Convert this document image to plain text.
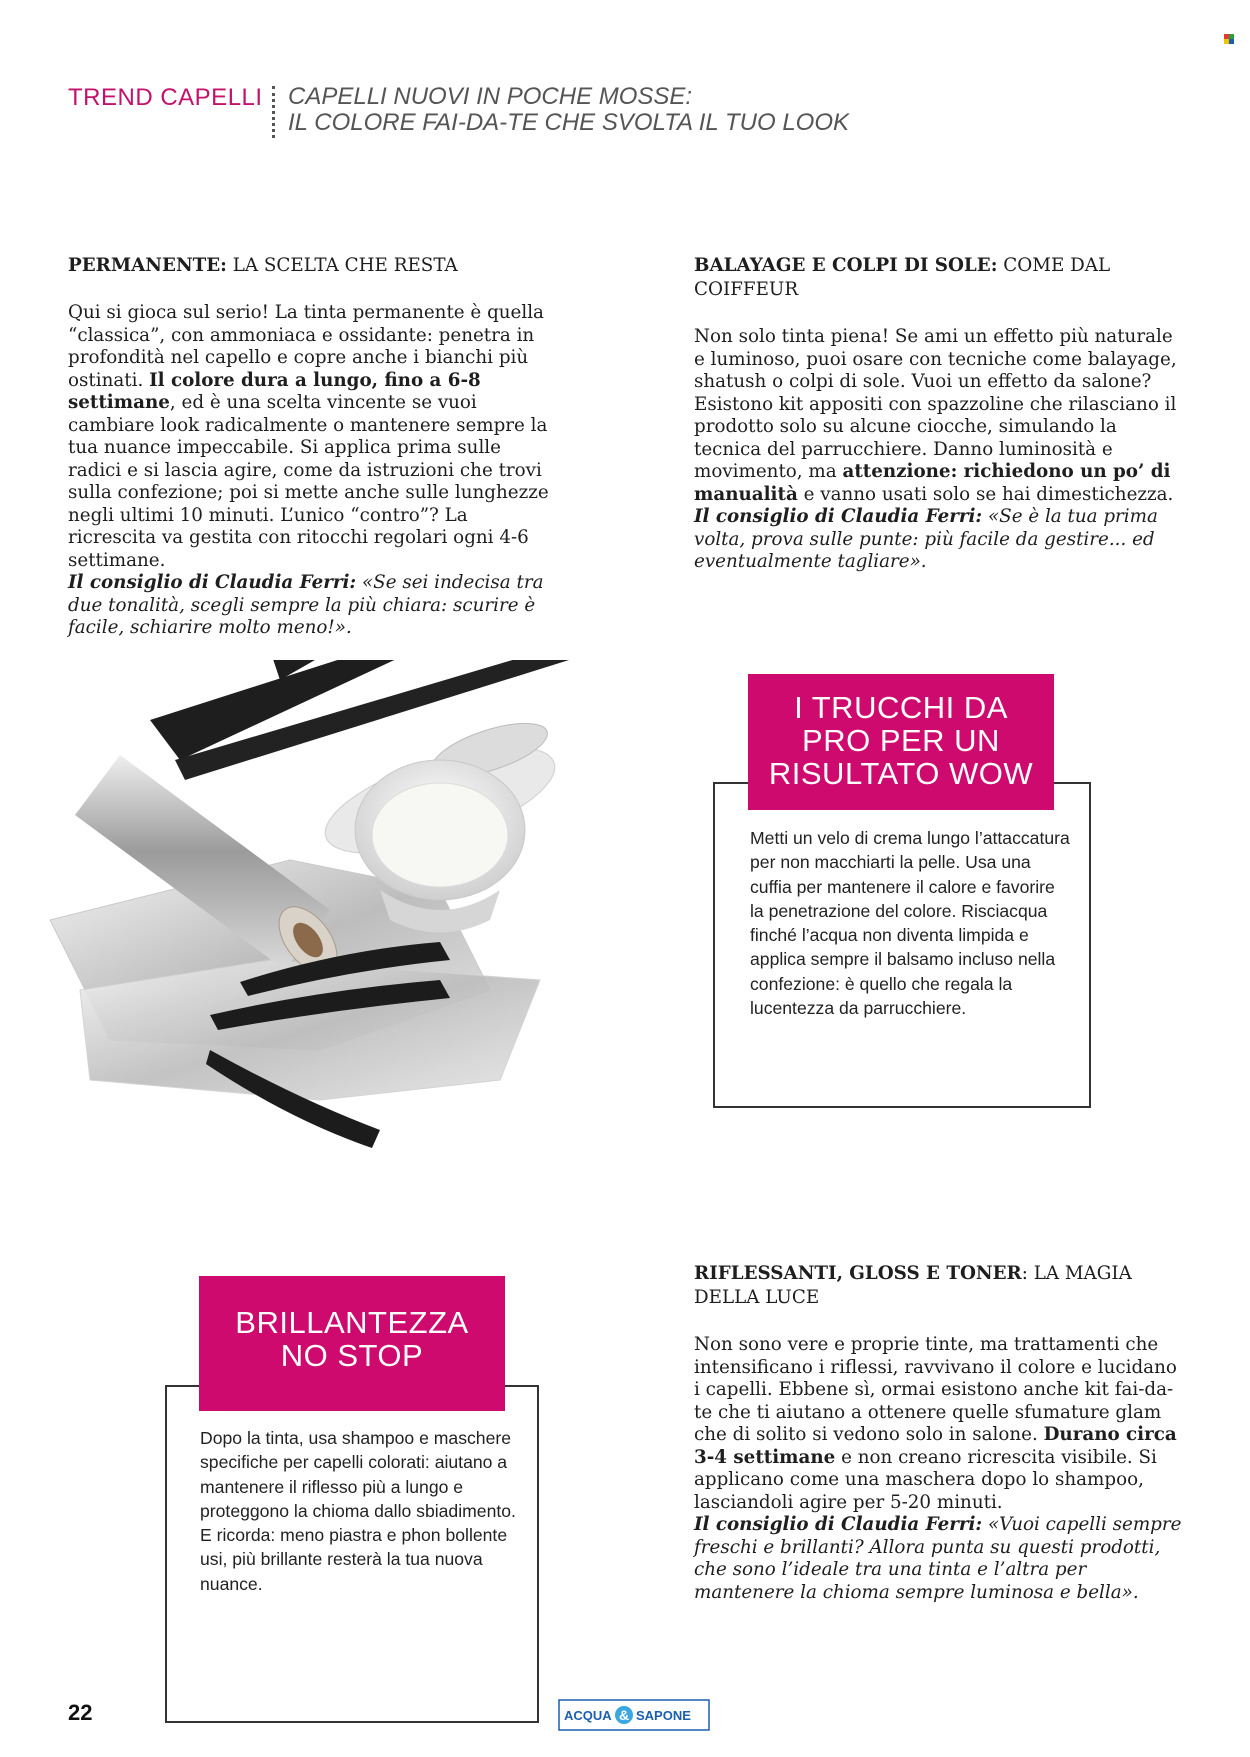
TREND CAPELLI CAPELLI NUOVI IN POCHE MOSSE:
IL COLORE FAI-DA-TE CHE SVOLTA IL TUO LOOK
PERMANENTE: LA SCELTA CHE RESTA

Qui si gioca sul serio! La tinta permanente è quella “classica”, con ammoniaca e ossidante: penetra in profondità nel capello e copre anche i bianchi più ostinati. Il colore dura a lungo, fino a 6-8 settimane, ed è una scelta vincente se vuoi cambiare look radicalmente o mantenere sempre la tua nuance impeccabile. Si applica prima sulle radici e si lascia agire, come da istruzioni che trovi sulla confezione; poi si mette anche sulle lunghezze negli ultimi 10 minuti. L’unico “contro”? La ricrescita va gestita con ritocchi regolari ogni 4-6 settimane.

Il consiglio di Claudia Ferri: «Se sei indecisa tra due tonalità, scegli sempre la più chiara: scurire è facile, schiarire molto meno!».

BALAYAGE E COLPI DI SOLE: COME DAL COIFFEUR

Non solo tinta piena! Se ami un effetto più naturale e luminoso, puoi osare con tecniche come balayage, shatush o colpi di sole. Vuoi un effetto da salone? Esistono kit appositi con spazzoline che rilasciano il prodotto solo su alcune ciocche, simulando la tecnica del parrucchiere. Danno luminosità e movimento, ma attenzione: richiedono un po’ di manualità e vanno usati solo se hai dimestichezza.

Il consiglio di Claudia Ferri: «Se è la tua prima volta, prova sulle punte: più facile da gestire... ed eventualmente tagliare».

I TRUCCHI DA
PRO PER UN
RISULTATO WOW
Metti un velo di crema lungo l’attaccatura per non macchiarti la pelle. Usa una cuffia per mantenere il calore e favorire la penetrazione del colore. Risciacqua finché l’acqua non diventa limpida e applica sempre il balsamo incluso nella confezione: è quello che regala la lucentezza da parrucchiere.
RIFLESSANTI, GLOSS E TONER: LA MAGIA DELLA LUCE

Non sono vere e proprie tinte, ma trattamenti che intensificano i riflessi, ravvivano il colore e lucidano i capelli. Ebbene sì, ormai esistono anche kit fai-da-te che ti aiutano a ottenere quelle sfumature glam che di solito si vedono solo in salone. Durano circa 3-4 settimane e non creano ricrescita visibile. Si applicano come una maschera dopo lo shampoo, lasciandoli agire per 5-20 minuti.

Il consiglio di Claudia Ferri: «Vuoi capelli sempre freschi e brillanti? Allora punta su questi prodotti, che sono l’ideale tra una tinta e l’altra per mantenere la chioma sempre luminosa e bella».

BRILLANTEZZA
NO STOP
Dopo la tinta, usa shampoo e maschere specifiche per capelli colorati: aiutano a mantenere il riflesso più a lungo e proteggono la chioma dallo sbiadimento. E ricorda: meno piastra e phon bollente usi, più brillante resterà la tua nuova nuance.
22	ACQUA & SAPONE
